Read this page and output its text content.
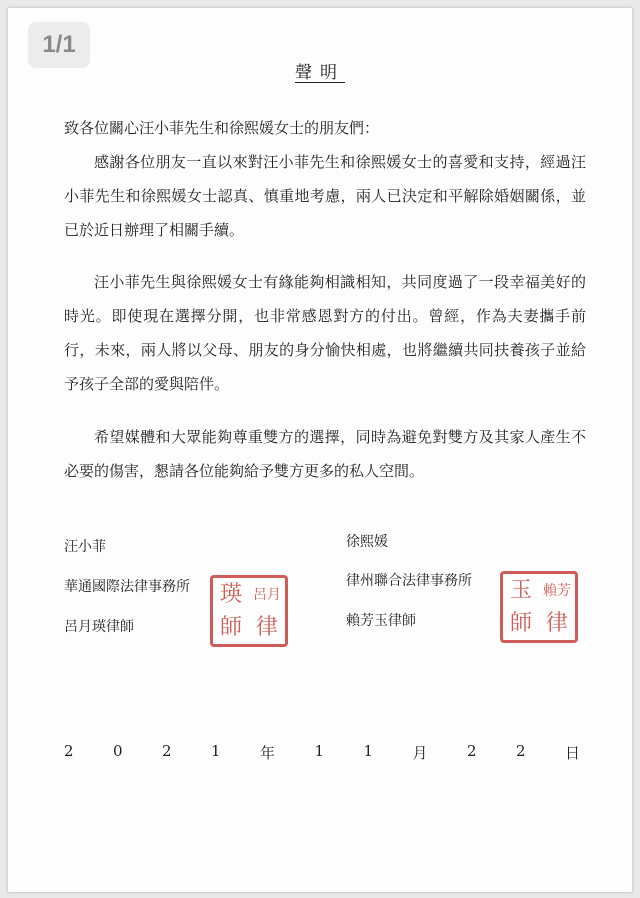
1/1
聲明
致各位關心汪小菲先生和徐熙媛女士的朋友們：
感謝各位朋友一直以來對汪小菲先生和徐熙媛女士的喜愛和支持，經過汪小菲先生和徐熙媛女士認真、慎重地考慮，兩人已決定和平解除婚姻關係，並已於近日辦理了相關手續。
汪小菲先生與徐熙媛女士有緣能夠相識相知，共同度過了一段幸福美好的時光。即使現在選擇分開，也非常感恩對方的付出。曾經，作為夫妻攜手前行，未來，兩人將以父母、朋友的身分愉快相處，也將繼續共同扶養孩子並給予孩子全部的愛與陪伴。
希望媒體和大眾能夠尊重雙方的選擇，同時為避免對雙方及其家人產生不必要的傷害，懇請各位能夠給予雙方更多的私人空間。
汪小菲
華通國際法律事務所
呂月瑛律師
瑛 呂月
師 律
徐熙媛
律州聯合法律事務所
賴芳玉律師
玉 賴芳
師 律
2	0	2	1	年	1	1	月	2	2	日
